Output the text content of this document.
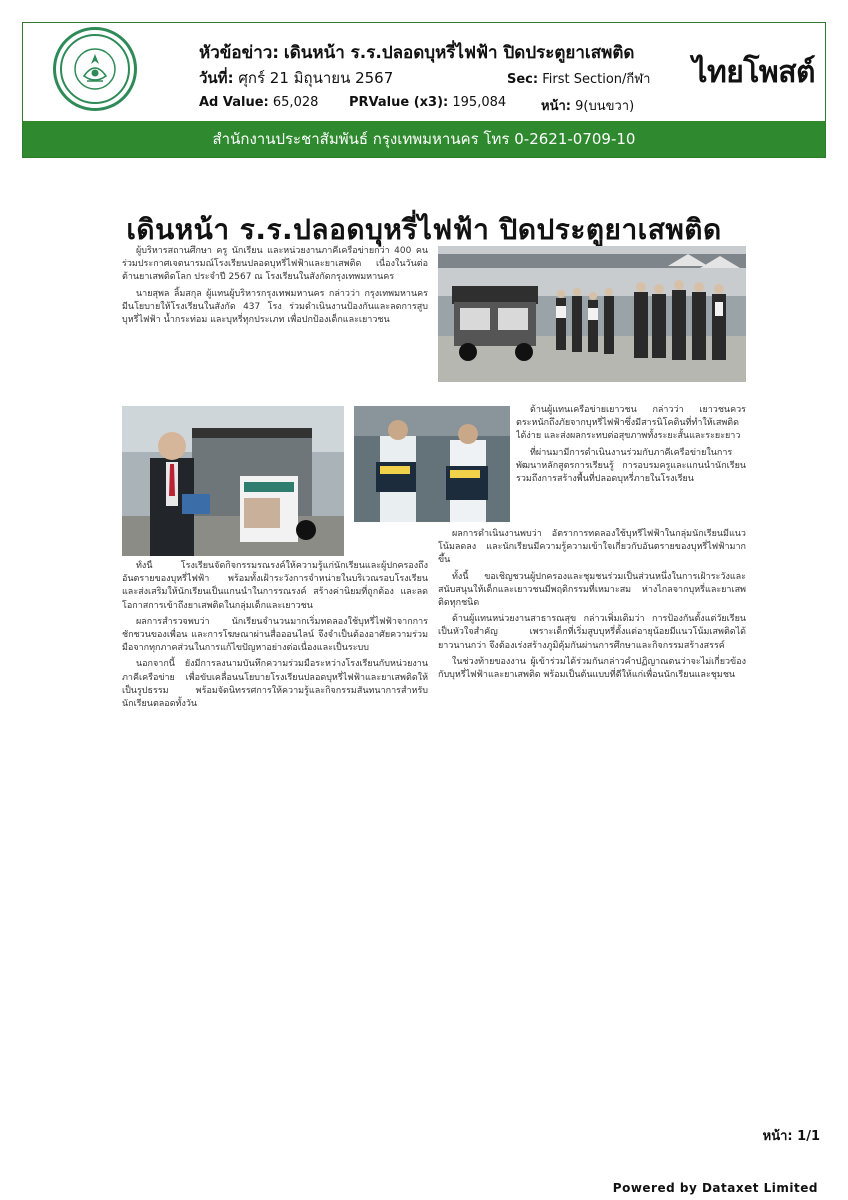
หัวข้อข่าว: เดินหน้า ร.ร.ปลอดบุหรี่ไฟฟ้า ปิดประตูยาเสพติด
วันที่: ศุกร์ 21 มิถุนายน 2567	Sec: First Section/กีฬา ไทยโพสต์
Ad Value: 65,028 PRValue (x3): 195,084	หน้า: 9(บนขวา)
สำนักงานประชาสัมพันธ์ กรุงเทพมหานคร โทร 0-2621-0709-10
เดินหน้า ร.ร.ปลอดบุหรี่ไฟฟ้า ปิดประตูยาเสพติด

ผู้บริหารสถานศึกษา ครู นักเรียน และหน่วยงานภาคีเครือข่ายกว่า 400 คน ร่วมประกาศเจตนารมณ์โรงเรียนปลอดบุหรี่ไฟฟ้าและยาเสพติด เนื่องในวันต่อต้านยาเสพติดโลก ประจำปี 2567 ณ โรงเรียนในสังกัดกรุงเทพมหานคร

นายสุพล ลิ้มสกุล ผู้แทนผู้บริหารกรุงเทพมหานคร กล่าวว่า กรุงเทพมหานครมีนโยบายให้โรงเรียนในสังกัด 437 โรง ร่วมดำเนินงานป้องกันและลดการสูบบุหรี่ไฟฟ้า น้ำกระท่อม และบุหรี่ทุกประเภท เพื่อปกป้องเด็กและเยาวชน

ทั้งนี้ โรงเรียนจัดกิจกรรมรณรงค์ให้ความรู้แก่นักเรียนและผู้ปกครองถึงอันตรายของบุหรี่ไฟฟ้า พร้อมทั้งเฝ้าระวังการจำหน่ายในบริเวณรอบโรงเรียน และส่งเสริมให้นักเรียนเป็นแกนนำในการรณรงค์ สร้างค่านิยมที่ถูกต้อง และลดโอกาสการเข้าถึงยาเสพติดในกลุ่มเด็กและเยาวชน

ผลการสำรวจพบว่า นักเรียนจำนวนมากเริ่มทดลองใช้บุหรี่ไฟฟ้าจากการชักชวนของเพื่อน และการโฆษณาผ่านสื่อออนไลน์ จึงจำเป็นต้องอาศัยความร่วมมือจากทุกภาคส่วนในการแก้ไขปัญหาอย่างต่อเนื่องและเป็นระบบ

นอกจากนี้ ยังมีการลงนามบันทึกความร่วมมือระหว่างโรงเรียนกับหน่วยงานภาคีเครือข่าย เพื่อขับเคลื่อนนโยบายโรงเรียนปลอดบุหรี่ไฟฟ้าและยาเสพติดให้เป็นรูปธรรม พร้อมจัดนิทรรศการให้ความรู้และกิจกรรมสันทนาการสำหรับนักเรียนตลอดทั้งวัน

ด้านผู้แทนเครือข่ายเยาวชน กล่าวว่า เยาวชนควรตระหนักถึงภัยจากบุหรี่ไฟฟ้าซึ่งมีสารนิโคตินที่ทำให้เสพติดได้ง่าย และส่งผลกระทบต่อสุขภาพทั้งระยะสั้นและระยะยาว

ที่ผ่านมามีการดำเนินงานร่วมกับภาคีเครือข่ายในการพัฒนาหลักสูตรการเรียนรู้ การอบรมครูและแกนนำนักเรียน รวมถึงการสร้างพื้นที่ปลอดบุหรี่ภายในโรงเรียน

ผลการดำเนินงานพบว่า อัตราการทดลองใช้บุหรี่ไฟฟ้าในกลุ่มนักเรียนมีแนวโน้มลดลง และนักเรียนมีความรู้ความเข้าใจเกี่ยวกับอันตรายของบุหรี่ไฟฟ้ามากขึ้น

ทั้งนี้ ขอเชิญชวนผู้ปกครองและชุมชนร่วมเป็นส่วนหนึ่งในการเฝ้าระวังและสนับสนุนให้เด็กและเยาวชนมีพฤติกรรมที่เหมาะสม ห่างไกลจากบุหรี่และยาเสพติดทุกชนิด

ด้านผู้แทนหน่วยงานสาธารณสุข กล่าวเพิ่มเติมว่า การป้องกันตั้งแต่วัยเรียนเป็นหัวใจสำคัญ เพราะเด็กที่เริ่มสูบบุหรี่ตั้งแต่อายุน้อยมีแนวโน้มเสพติดได้ยาวนานกว่า จึงต้องเร่งสร้างภูมิคุ้มกันผ่านการศึกษาและกิจกรรมสร้างสรรค์

ในช่วงท้ายของงาน ผู้เข้าร่วมได้ร่วมกันกล่าวคำปฏิญาณตนว่าจะไม่เกี่ยวข้องกับบุหรี่ไฟฟ้าและยาเสพติด พร้อมเป็นต้นแบบที่ดีให้แก่เพื่อนนักเรียนและชุมชน

หน้า: 1/1
Powered by Dataxet Limited
